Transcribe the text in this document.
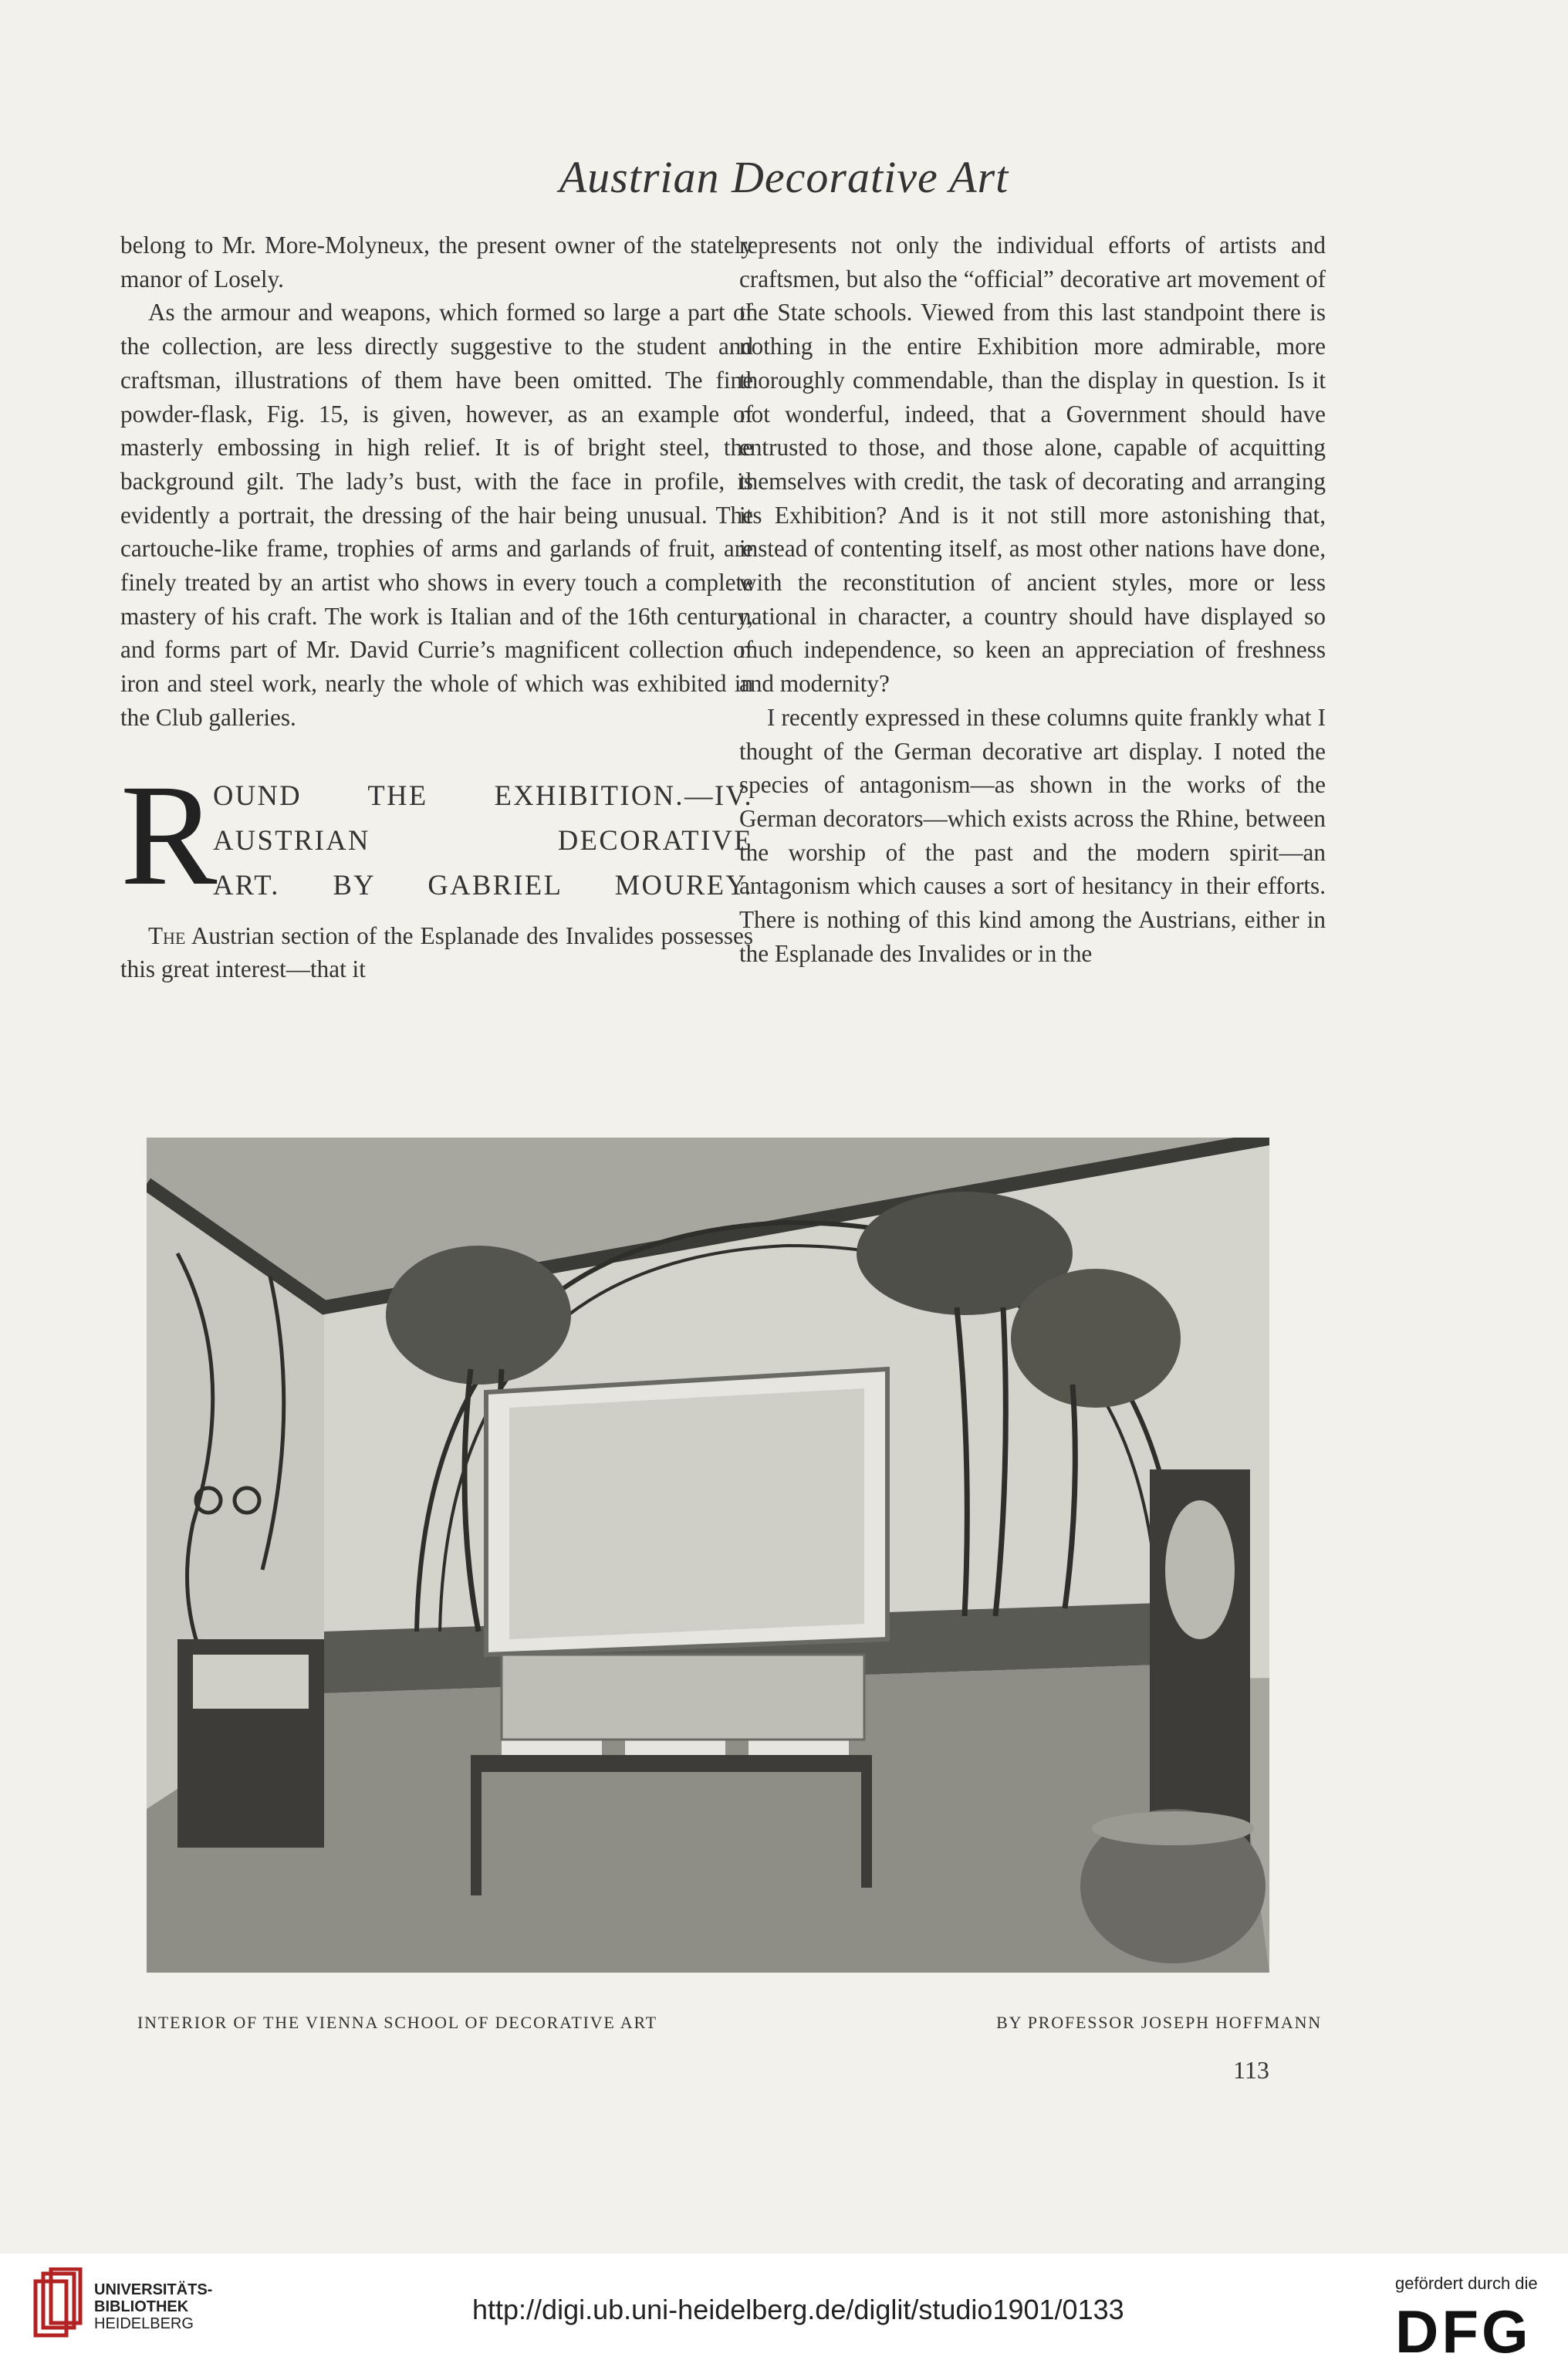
Austrian Decorative Art

belong to Mr. More-Molyneux, the present owner of the stately manor of Losely.

As the armour and weapons, which formed so large a part of the collection, are less directly suggestive to the student and craftsman, illustrations of them have been omitted. The fine powder-flask, Fig. 15, is given, however, as an example of masterly embossing in high relief. It is of bright steel, the background gilt. The lady’s bust, with the face in profile, is evidently a portrait, the dressing of the hair being unusual. The cartouche-like frame, trophies of arms and garlands of fruit, are finely treated by an artist who shows in every touch a complete mastery of his craft. The work is Italian and of the 16th century, and forms part of Mr. David Currie’s magnificent collection of iron and steel work, nearly the whole of which was exhibited in the Club galleries.

R
OUND THE EXHIBITION.—IV.
AUSTRIAN DECORATIVE
ART. BY GABRIEL MOUREY.

The Austrian section of the Esplanade des Invalides possesses this great interest—that it

represents not only the individual efforts of artists and craftsmen, but also the “official” decorative art movement of the State schools. Viewed from this last standpoint there is nothing in the entire Exhibition more admirable, more thoroughly commendable, than the display in question. Is it not wonderful, indeed, that a Government should have entrusted to those, and those alone, capable of acquitting themselves with credit, the task of decorating and arranging its Exhibition? And is it not still more astonishing that, instead of contenting itself, as most other nations have done, with the reconstitution of ancient styles, more or less national in character, a country should have displayed so much independence, so keen an appreciation of freshness and modernity?

I recently expressed in these columns quite frankly what I thought of the German decorative art display. I noted the species of antagonism—as shown in the works of the German decorators—which exists across the Rhine, between the worship of the past and the modern spirit—an antagonism which causes a sort of hesitancy in their efforts. There is nothing of this kind among the Austrians, either in the Esplanade des Invalides or in the

INTERIOR OF THE VIENNA SCHOOL OF DECORATIVE ART	BY PROFESSOR JOSEPH HOFFMANN
113
UNIVERSITÄTS-
BIBLIOTHEK
HEIDELBERG	http://digi.ub.uni-heidelberg.de/diglit/studio1901/0133
gefördert durch die
DFG
